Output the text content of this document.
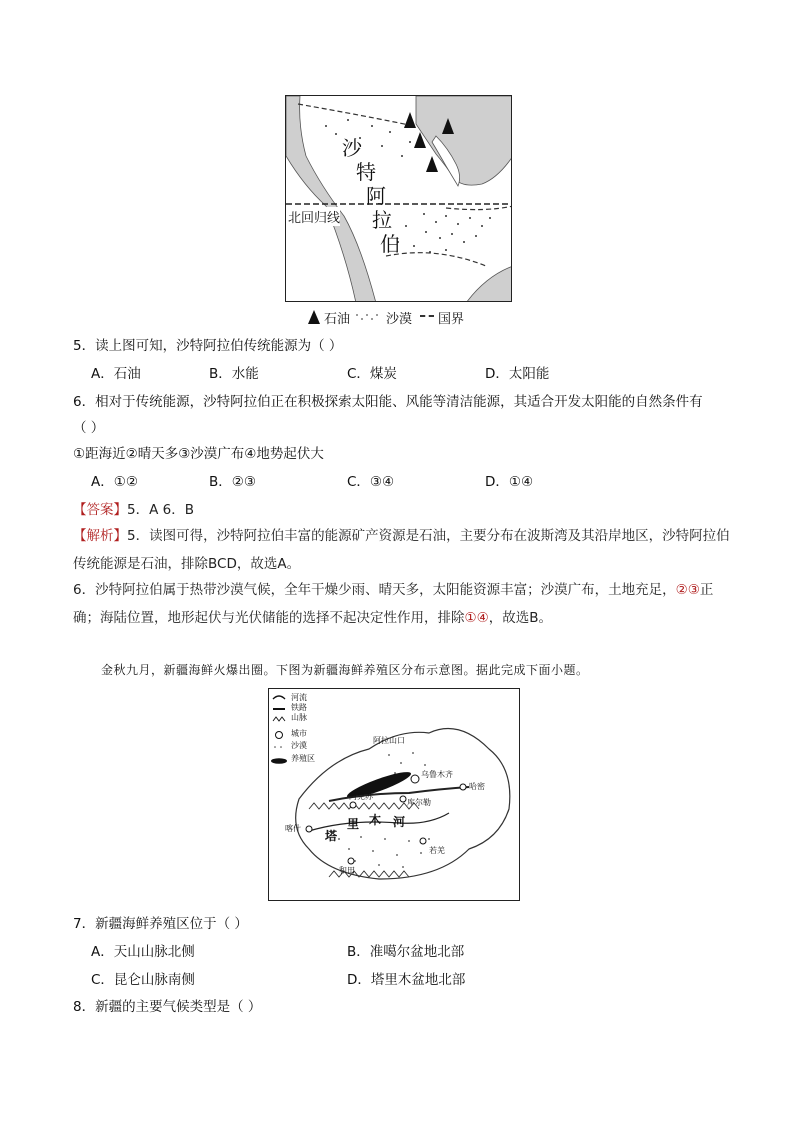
北回归线
沙
特
阿
拉
伯
石油	沙漠 国界
5．读上图可知，沙特阿拉伯传统能源为（ ）
A．石油	B．水能	C．煤炭	D．太阳能
6．相对于传统能源，沙特阿拉伯正在积极探索太阳能、风能等清洁能源，其适合开发太阳能的自然条件有
（ ）
①距海近②晴天多③沙漠广布④地势起伏大
A．①②	B．②③	C．③④	D．①④
【答案】5．A 6．B
【解析】5．读图可得，沙特阿拉伯丰富的能源矿产资源是石油，主要分布在波斯湾及其沿岸地区，沙特阿拉伯传统能源是石油，排除BCD，故选A。
6．沙特阿拉伯属于热带沙漠气候，全年干燥少雨、晴天多，太阳能资源丰富；沙漠广布，土地充足，②③正确；海陆位置，地形起伏与光伏储能的选择不起决定性作用，排除①④，故选B。
金秋九月，新疆海鲜火爆出圈。下图为新疆海鲜养殖区分布示意图。据此完成下面小题。
河流
铁路
山脉
城市
沙漠
养殖区
阿拉山口
乌鲁木齐
哈密
库尔勒
阿克苏
喀什
和田
若羌
塔
里 木 河
7．新疆海鲜养殖区位于（ ）
A．天山山脉北侧	B．准噶尔盆地北部
C．昆仑山脉南侧	D．塔里木盆地北部
8．新疆的主要气候类型是（ ）
